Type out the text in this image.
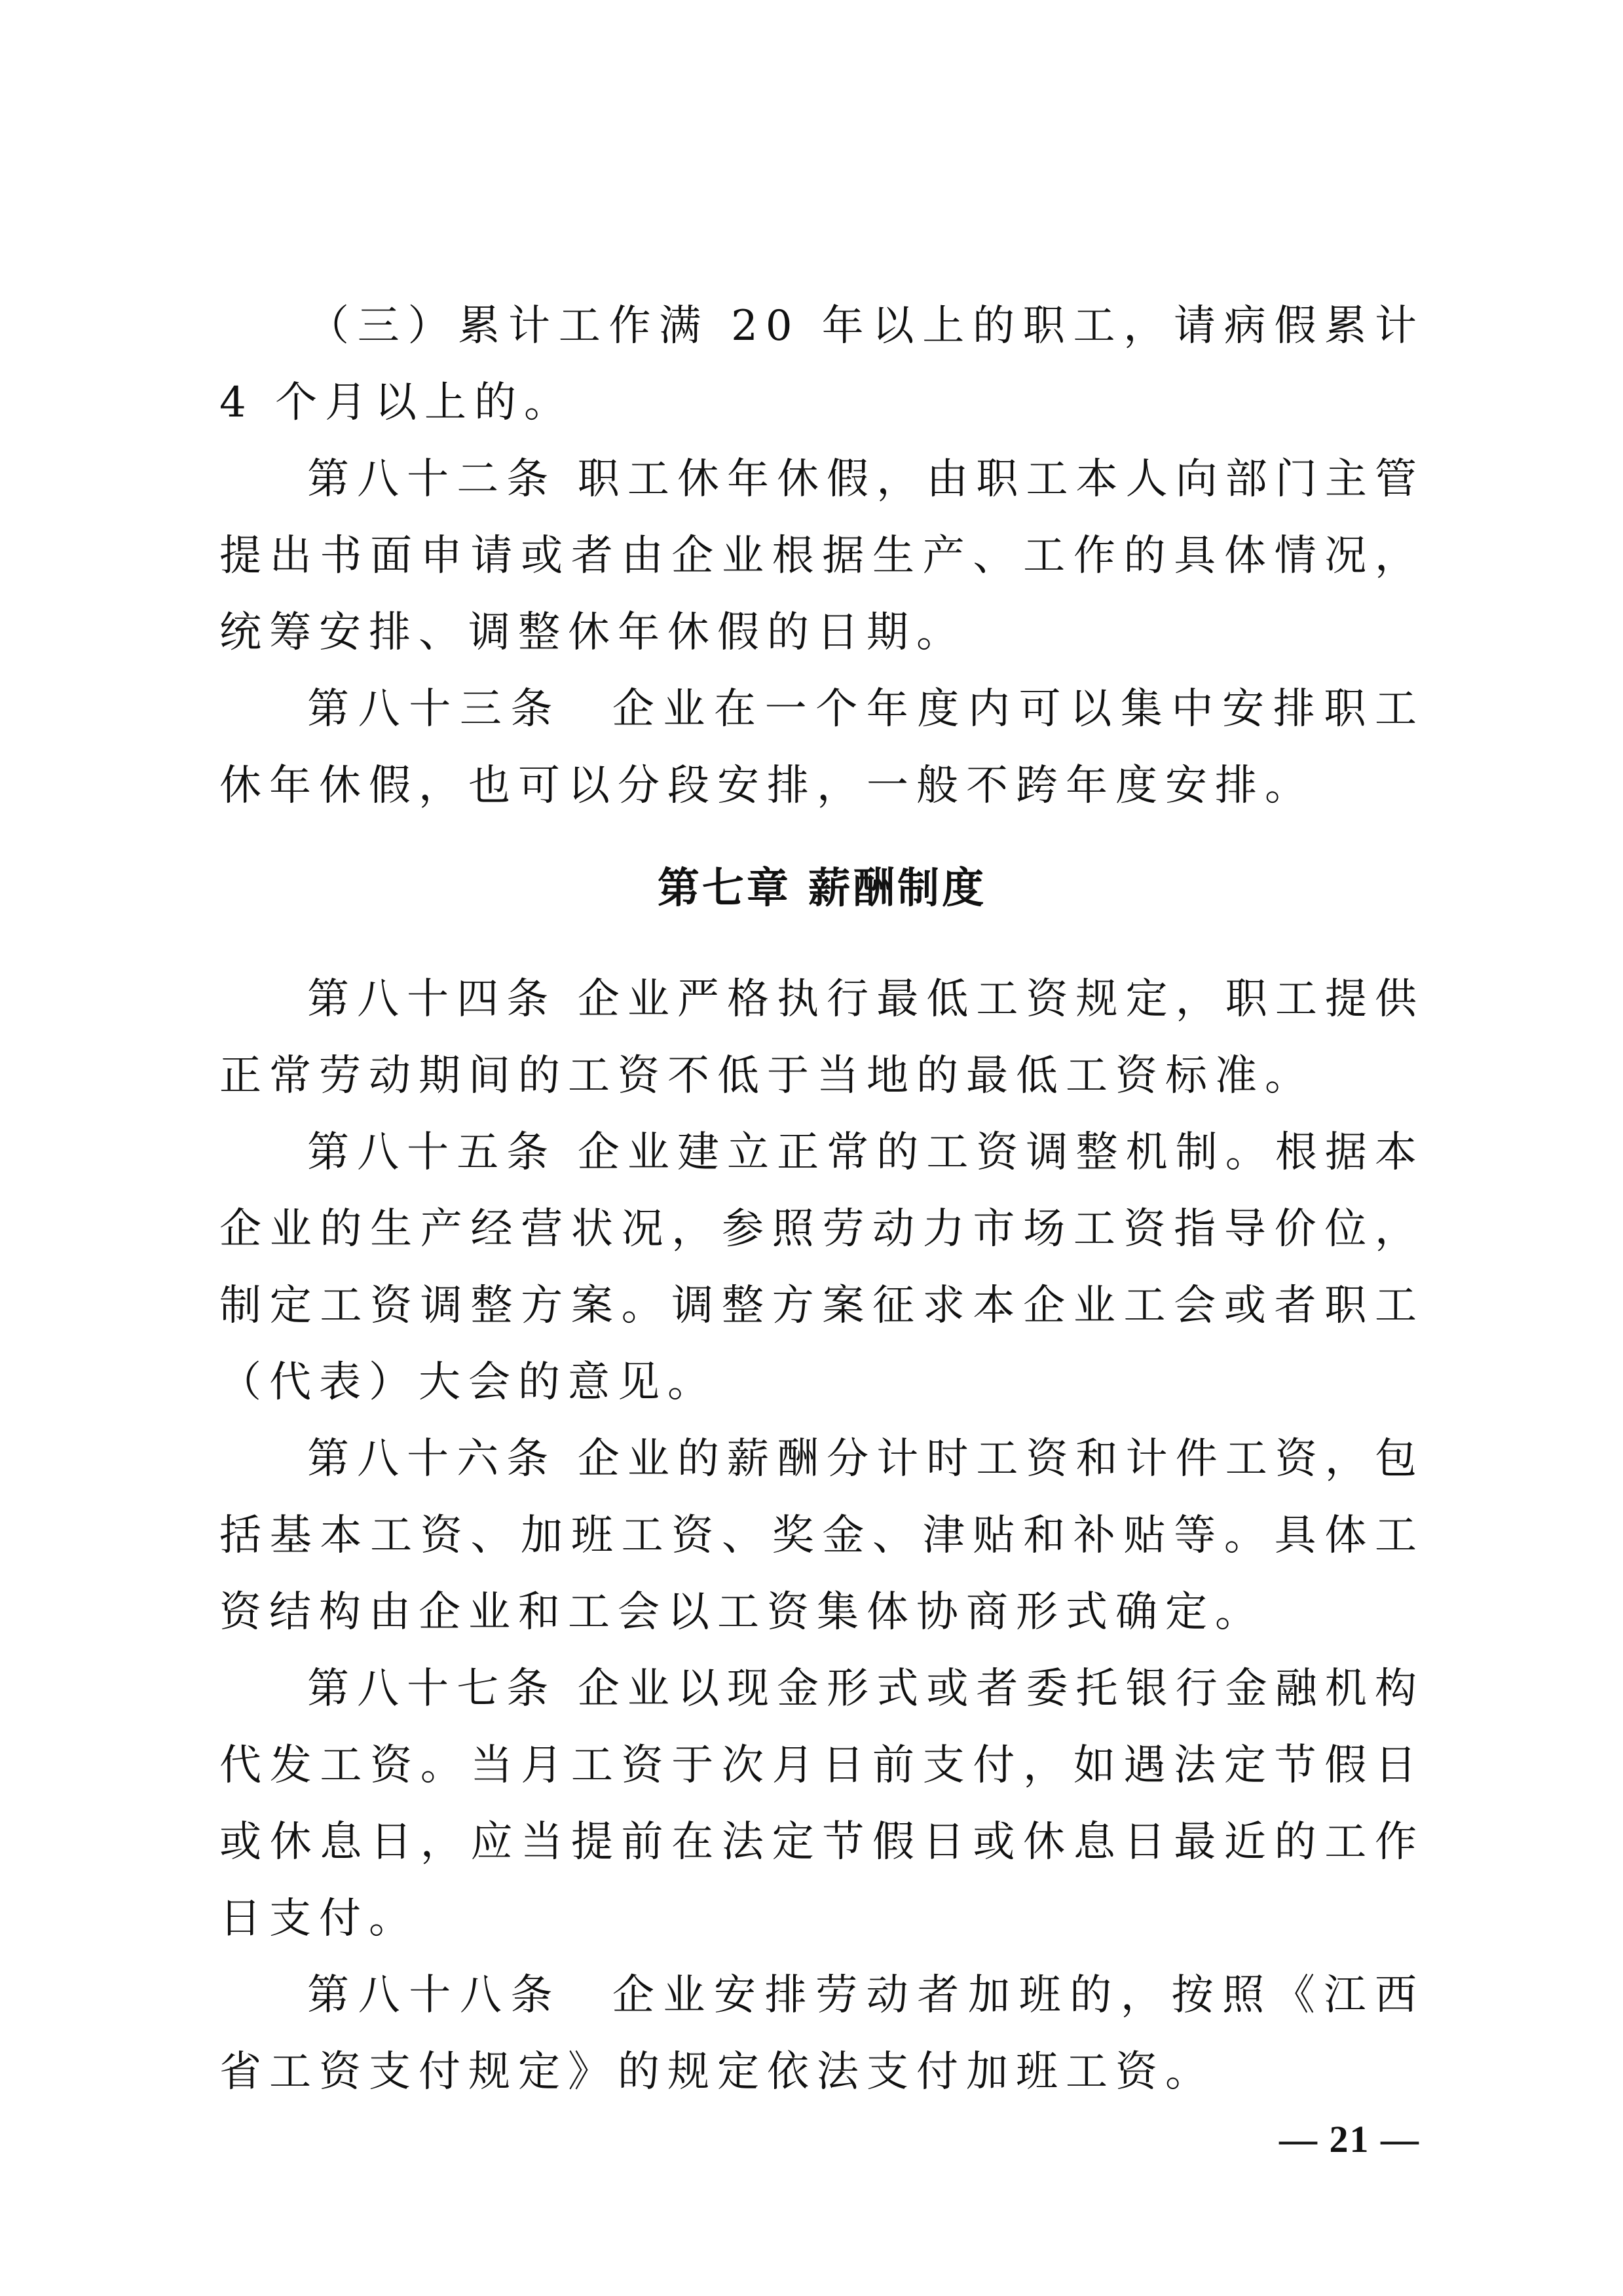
（三）累计工作满 20 年以上的职工，请病假累计 4 个月以上的。

第八十二条 职工休年休假，由职工本人向部门主管提出书面申请或者由企业根据生产、工作的具体情况，统筹安排、调整休年休假的日期。

第八十三条　企业在一个年度内可以集中安排职工休年休假，也可以分段安排，一般不跨年度安排。

第七章 薪酬制度

第八十四条 企业严格执行最低工资规定，职工提供正常劳动期间的工资不低于当地的最低工资标准。

第八十五条 企业建立正常的工资调整机制。根据本企业的生产经营状况，参照劳动力市场工资指导价位，制定工资调整方案。调整方案征求本企业工会或者职工（代表）大会的意见。

第八十六条 企业的薪酬分计时工资和计件工资，包括基本工资、加班工资、奖金、津贴和补贴等。具体工资结构由企业和工会以工资集体协商形式确定。

第八十七条 企业以现金形式或者委托银行金融机构代发工资。当月工资于次月日前支付，如遇法定节假日或休息日，应当提前在法定节假日或休息日最近的工作日支付。

第八十八条　企业安排劳动者加班的，按照《江西省工资支付规定》的规定依法支付加班工资。

— 21 —
